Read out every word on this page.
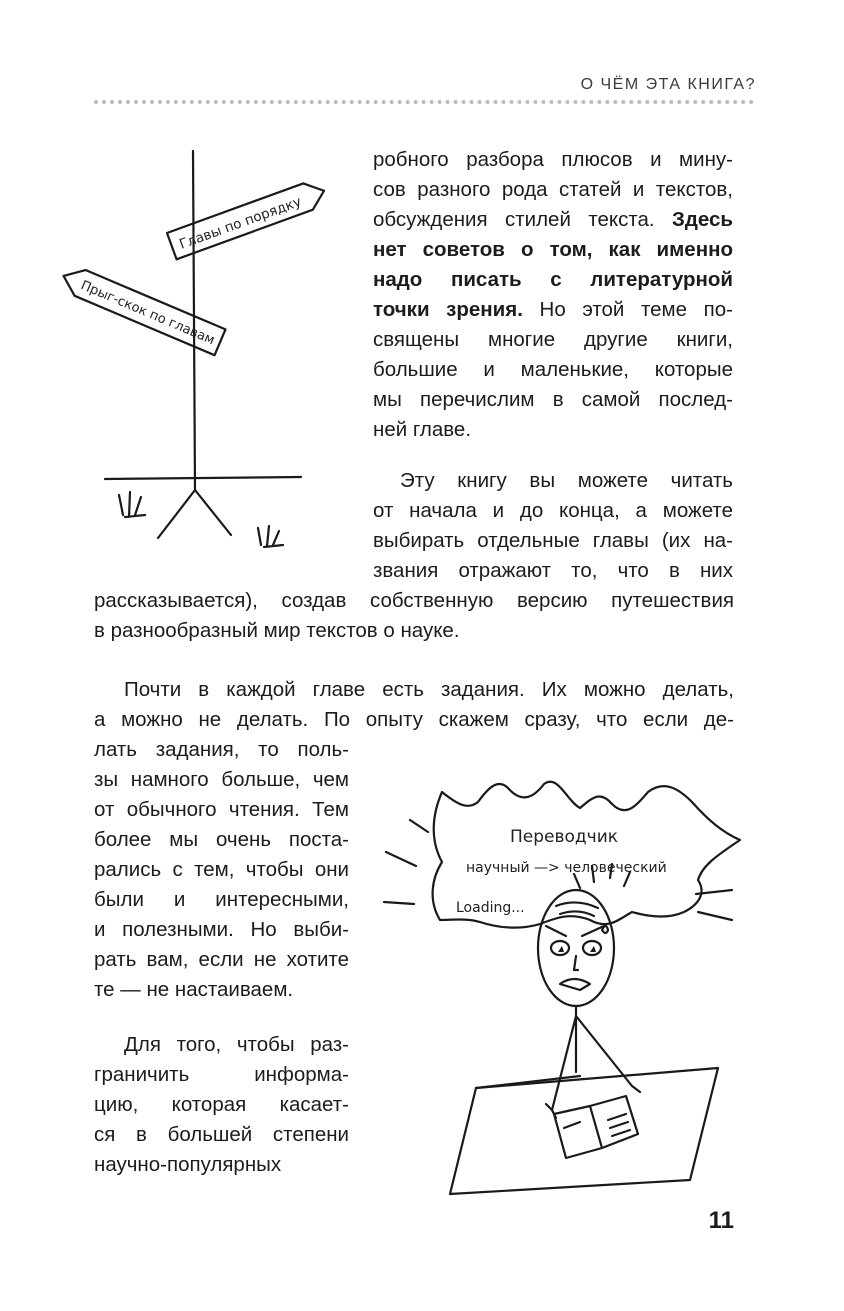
О ЧЁМ ЭТА КНИГА?
Главы по порядку
Прыг-скок по главам
робного разбора плюсов и мину-
сов разного рода статей и текстов,
обсуждения стилей текста. Здесь
нет советов о том, как именно
надо писать с литературной
точки зрения. Но этой теме по-
священы многие другие книги,
большие и маленькие, которые
мы перечислим в самой послед-
ней главе.
Эту книгу вы можете читать
от начала и до конца, а можете
выбирать отдельные главы (их на-
звания отражают то, что в них
рассказывается), создав собственную версию путешествия
в разнообразный мир текстов о науке.
Почти в каждой главе есть задания. Их можно делать,
а можно не делать. По опыту скажем сразу, что если де-
лать задания, то поль-
зы намного больше, чем
от обычного чтения. Тем
более мы очень поста-
рались с тем, чтобы они
были и интересными,
и полезными. Но выби-
рать вам, если не хотите
те — не настаиваем.
Для того, чтобы раз-
граничить информа-
цию, которая касает-
ся в большей степени
научно-популярных
Переводчик
научный —> человеческий
Loading...
11
